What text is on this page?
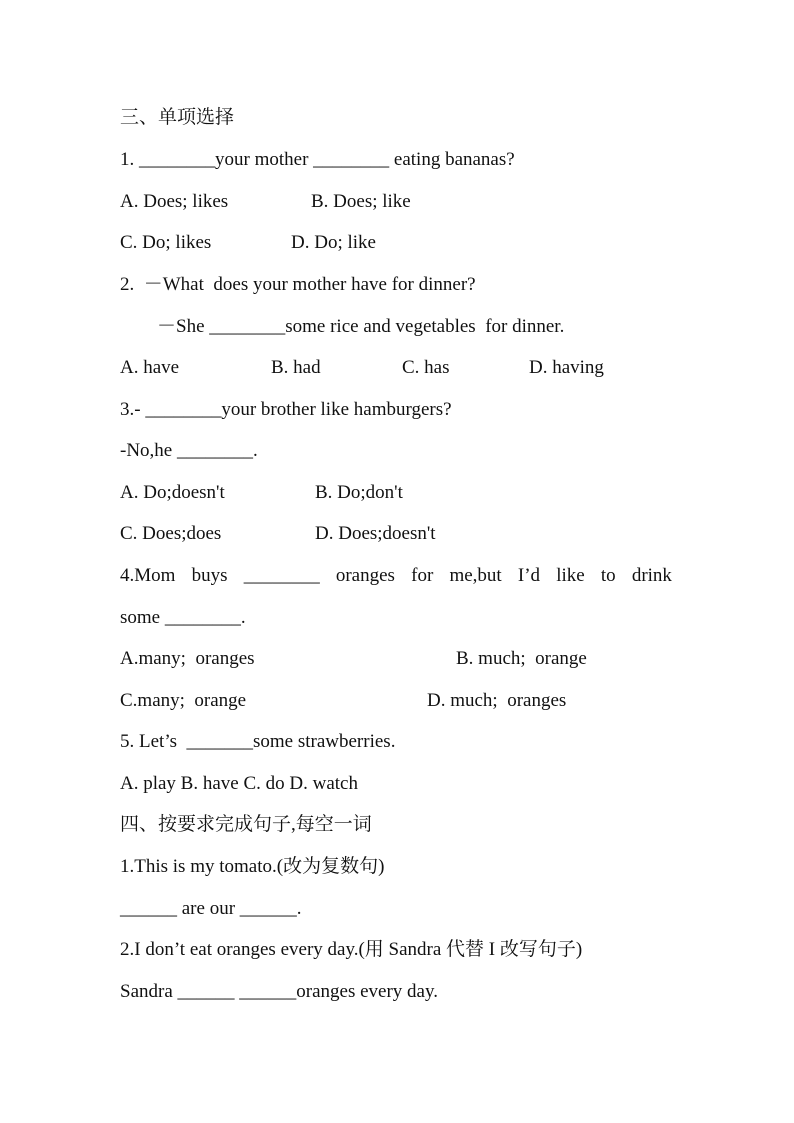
三、单项选择
1. ________your mother ________ eating bananas?
A. Does; likes	B. Does; like
C. Do; likes	D. Do; like
2.  －What  does your mother have for dinner?
－She ________some rice and vegetables  for dinner.
A. have	B. had	C. has	D. having
3.- ________your brother like hamburgers?
-No,he ________.
A. Do;doesn't	B. Do;don't
C. Does;does	D. Does;doesn't
4.Mom buys ________ oranges for me,but I’d like to drink
some ________.
A.many;  oranges	B. much;  orange
C.many;  orange	D. much;  oranges
5. Let’s  _______some strawberries.
A. play B. have C. do D. watch
四、按要求完成句子,每空一词
1.This is my tomato.(改为复数句)
______ are our ______.
2.I don’t eat oranges every day.(用 Sandra 代替 I 改写句子)
Sandra ______ ______oranges every day.
